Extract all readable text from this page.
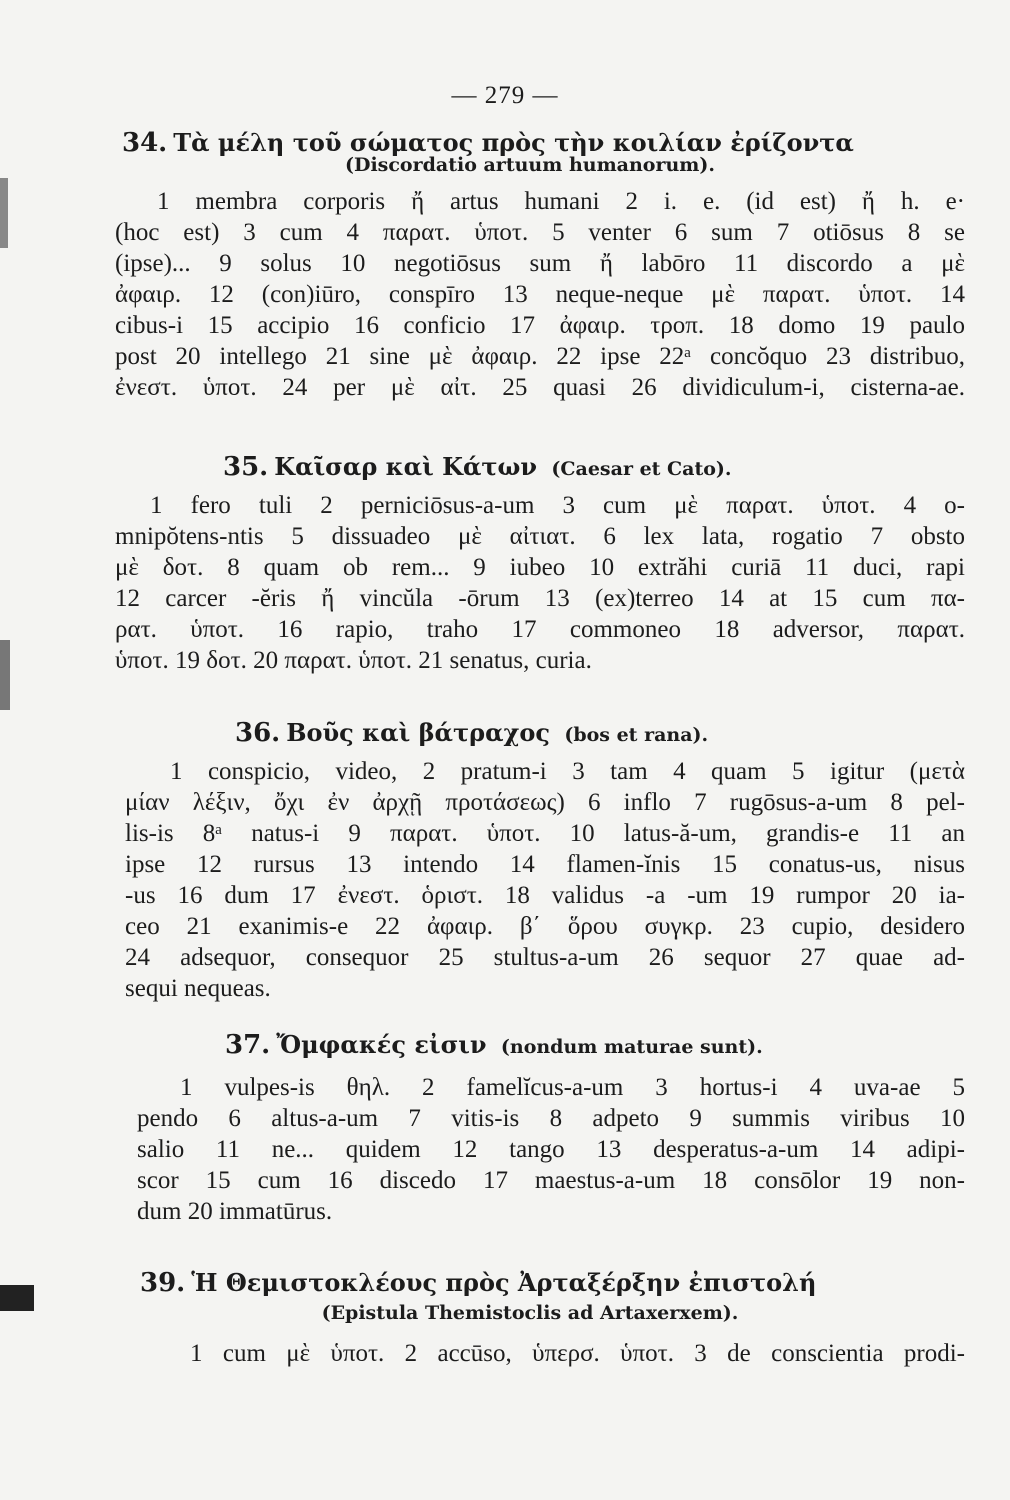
— 279 —
34. Τὰ μέλη τοῦ σώματος πρὸς τὴν κοιλίαν ἐρίζοντα
(Discordatio artuum humanorum).
1 membra corporis ἤ artus humani 2 i. e. (id est) ἤ h. e·
(hoc est) 3 cum 4 παρατ. ὑποτ. 5 venter 6 sum 7 otiōsus 8 se
(ipse)... 9 solus 10 negotiōsus sum ἤ labōro 11 discordo a μὲ
ἀφαιρ. 12 (con)iūro, conspīro 13 neque-neque μὲ παρατ. ὑποτ. 14
cibus-i 15 accipio 16 conficio 17 ἀφαιρ. τροπ. 18 domo 19 paulo
post 20 intellego 21 sine μὲ ἀφαιρ. 22 ipse 22ᵃ concŏquo 23 distribuo,
ἐνεστ. ὑποτ. 24 per μὲ αἰτ. 25 quasi 26 dividiculum-i, cisterna-ae.
35. Καῖσαρ καὶ Κάτων (Caesar et Cato).
1 fero tuli 2 perniciōsus-a-um 3 cum μὲ παρατ. ὑποτ. 4 o-
mnipŏtens-ntis 5 dissuadeo μὲ αἰτιατ. 6 lex lata, rogatio 7 obsto
μὲ δοτ. 8 quam ob rem... 9 iubeo 10 extrăhi curiā 11 duci, rapi
12 carcer -ĕris ἤ vincŭla -ōrum 13 (ex)terreo 14 at 15 cum πα-
ρατ. ὑποτ. 16 rapio, traho 17 commoneo 18 adversor, παρατ.
ὑποτ. 19 δοτ. 20 παρατ. ὑποτ. 21 senatus, curia.
36. Βοῦς καὶ βάτραχος (bos et rana).
1 conspicio, video, 2 pratum-i 3 tam 4 quam 5 igitur (μετὰ
μίαν λέξιν, ὄχι ἐν ἀρχῇ προτάσεως) 6 inflo 7 rugōsus-a-um 8 pel-
lis-is 8ᵃ natus-i 9 παρατ. ὑποτ. 10 latus-ă-um, grandis-e 11 an
ipse 12 rursus 13 intendo 14 flamen-ĭnis 15 conatus-us, nisus
-us 16 dum 17 ἐνεστ. ὁριστ. 18 validus -a -um 19 rumpor 20 ia-
ceo 21 exanimis-e 22 ἀφαιρ. β΄ ὅρου συγκρ. 23 cupio, desidero
24 adsequor, consequor 25 stultus-a-um 26 sequor 27 quae ad-
sequi nequeas.
37. Ὄμφακές εἰσιν (nondum maturae sunt).
1 vulpes-is θηλ. 2 famelĭcus-a-um 3 hortus-i 4 uva-ae 5
pendo 6 altus-a-um 7 vitis-is 8 adpeto 9 summis viribus 10
salio 11 ne... quidem 12 tango 13 desperatus-a-um 14 adipi-
scor 15 cum 16 discedo 17 maestus-a-um 18 consōlor 19 non-
dum 20 immatūrus.
39. Ἡ Θεμιστοκλέους πρὸς Ἀρταξέρξην ἐπιστολή
(Epistula Themistoclis ad Artaxerxem).
1 cum μὲ ὑποτ. 2 accūso, ὑπερσ. ὑποτ. 3 de conscientia prodi-
